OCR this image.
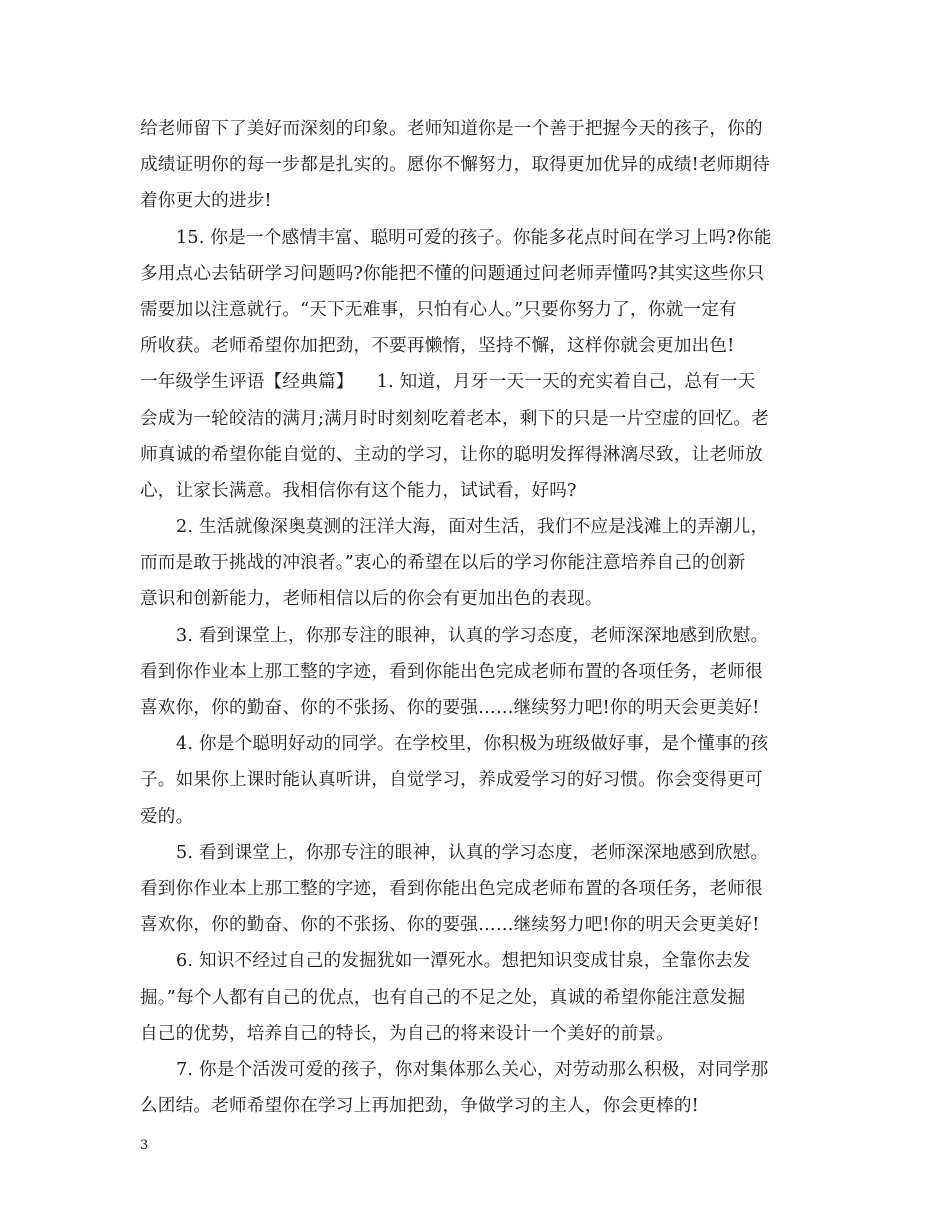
给老师留下了美好而深刻的印象。老师知道你是一个善于把握今天的孩子，你的
成绩证明你的每一步都是扎实的。愿你不懈努力，取得更加优异的成绩!老师期待
着你更大的进步!
15. 你是一个感情丰富、聪明可爱的孩子。你能多花点时间在学习上吗?你能
多用点心去钻研学习问题吗?你能把不懂的问题通过问老师弄懂吗?其实这些你只
需要加以注意就行。“天下无难事，只怕有心人。”只要你努力了，你就一定有
所收获。老师希望你加把劲，不要再懒惰，坚持不懈，这样你就会更加出色!
一年级学生评语【经典篇】    1. 知道，月牙一天一天的充实着自己，总有一天
会成为一轮皎洁的满月;满月时时刻刻吃着老本，剩下的只是一片空虚的回忆。老
师真诚的希望你能自觉的、主动的学习，让你的聪明发挥得淋漓尽致，让老师放
心，让家长满意。我相信你有这个能力，试试看，好吗?
2. 生活就像深奥莫测的汪洋大海，面对生活，我们不应是浅滩上的弄潮儿，
而而是敢于挑战的冲浪者。”衷心的希望在以后的学习你能注意培养自己的创新
意识和创新能力，老师相信以后的你会有更加出色的表现。
3. 看到课堂上，你那专注的眼神，认真的学习态度，老师深深地感到欣慰。
看到你作业本上那工整的字迹，看到你能出色完成老师布置的各项任务，老师很
喜欢你，你的勤奋、你的不张扬、你的要强……继续努力吧!你的明天会更美好!
4. 你是个聪明好动的同学。在学校里，你积极为班级做好事，是个懂事的孩
子。如果你上课时能认真听讲，自觉学习，养成爱学习的好习惯。你会变得更可
爱的。
5. 看到课堂上，你那专注的眼神，认真的学习态度，老师深深地感到欣慰。
看到你作业本上那工整的字迹，看到你能出色完成老师布置的各项任务，老师很
喜欢你，你的勤奋、你的不张扬、你的要强……继续努力吧!你的明天会更美好!
6. 知识不经过自己的发掘犹如一潭死水。想把知识变成甘泉，全靠你去发
掘。”每个人都有自己的优点，也有自己的不足之处，真诚的希望你能注意发掘
自己的优势，培养自己的特长，为自己的将来设计一个美好的前景。
7. 你是个活泼可爱的孩子，你对集体那么关心，对劳动那么积极，对同学那
么团结。老师希望你在学习上再加把劲，争做学习的主人，你会更棒的!
3
